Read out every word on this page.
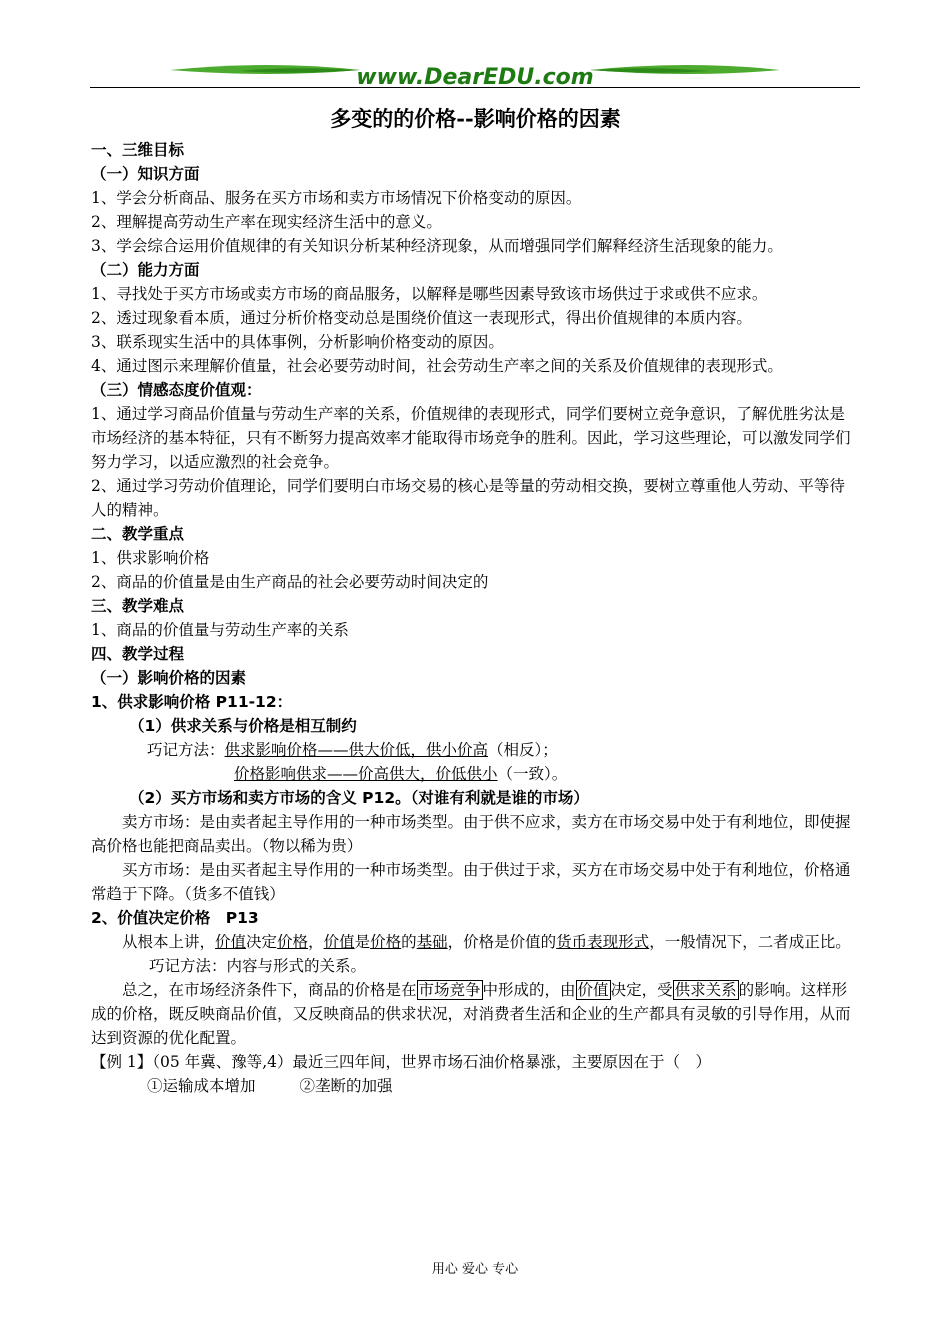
www.DearEDU.com
多变的的价格--影响价格的因素

一、三维目标

（一）知识方面

1、学会分析商品、服务在买方市场和卖方市场情况下价格变动的原因。

2、理解提高劳动生产率在现实经济生活中的意义。

3、学会综合运用价值规律的有关知识分析某种经济现象，从而增强同学们解释经济生活现象的能力。

（二）能力方面

1、寻找处于买方市场或卖方市场的商品服务，以解释是哪些因素导致该市场供过于求或供不应求。

2、透过现象看本质，通过分析价格变动总是围绕价值这一表现形式，得出价值规律的本质内容。

3、联系现实生活中的具体事例，分析影响价格变动的原因。

4、通过图示来理解价值量，社会必要劳动时间，社会劳动生产率之间的关系及价值规律的表现形式。

（三）情感态度价值观：

1、通过学习商品价值量与劳动生产率的关系，价值规律的表现形式，同学们要树立竞争意识，了解优胜劣汰是市场经济的基本特征，只有不断努力提高效率才能取得市场竞争的胜利。因此，学习这些理论，可以激发同学们努力学习，以适应激烈的社会竞争。

2、通过学习劳动价值理论，同学们要明白市场交易的核心是等量的劳动相交换，要树立尊重他人劳动、平等待人的精神。

二、教学重点

1、供求影响价格

2、商品的价值量是由生产商品的社会必要劳动时间决定的

三、教学难点

1、商品的价值量与劳动生产率的关系

四、教学过程

（一）影响价格的因素

1、供求影响价格 P11-12：

（1）供求关系与价格是相互制约

巧记方法：供求影响价格——供大价低，供小价高（相反）；

价格影响供求——价高供大，价低供小（一致）。

（2）买方市场和卖方市场的含义 P12。（对谁有利就是谁的市场）

卖方市场：是由卖者起主导作用的一种市场类型。由于供不应求，卖方在市场交易中处于有利地位，即使握高价格也能把商品卖出。（物以稀为贵）

买方市场：是由买者起主导作用的一种市场类型。由于供过于求，买方在市场交易中处于有利地位，价格通常趋于下降。（货多不值钱）

2、价值决定价格　P13

从根本上讲，价值决定价格，价值是价格的基础，价格是价值的货币表现形式，一般情况下，二者成正比。巧记方法：内容与形式的关系。

总之，在市场经济条件下，商品的价格是在 市场竞争 中形成的，由 价值 决定，受 供求关系 的影响。这样形成的价格，既反映商品价值，又反映商品的供求状况，对消费者生活和企业的生产都具有灵敏的引导作用，从而达到资源的优化配置。

【例 1】（05 年冀、豫等,4）最近三四年间，世界市场石油价格暴涨，主要原因在于（　）

①运输成本增加	②垄断的加强

用心 爱心 专心
